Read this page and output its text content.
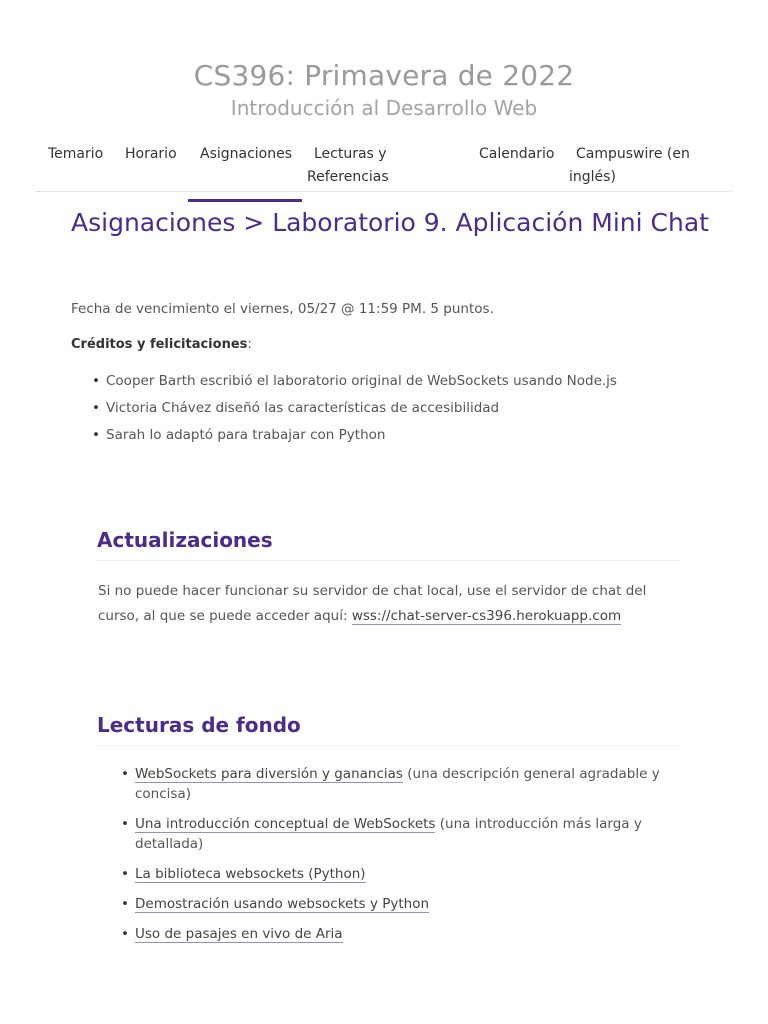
CS396: Primavera de 2022
Introducción al Desarrollo Web
Temario Horario Asignaciones	Lecturas y
Referencias
Calendario	Campuswire (en
inglés)
Asignaciones > Laboratorio 9. Aplicación Mini Chat
Fecha de vencimiento el viernes, 05/27 @ 11:59 PM. 5 puntos.
Créditos y felicitaciones:
• Cooper Barth escribió el laboratorio original de WebSockets usando Node.js
• Victoria Chávez diseñó las características de accesibilidad
• Sarah lo adaptó para trabajar con Python
Actualizaciones
Si no puede hacer funcionar su servidor de chat local, use el servidor de chat del
curso, al que se puede acceder aquí: wss://chat-server-cs396.herokuapp.com
Lecturas de fondo
• WebSockets para diversión y ganancias (una descripción general agradable y
concisa)
• Una introducción conceptual de WebSockets (una introducción más larga y
detallada)
• La biblioteca websockets (Python)
• Demostración usando websockets y Python
• Uso de pasajes en vivo de Aria
